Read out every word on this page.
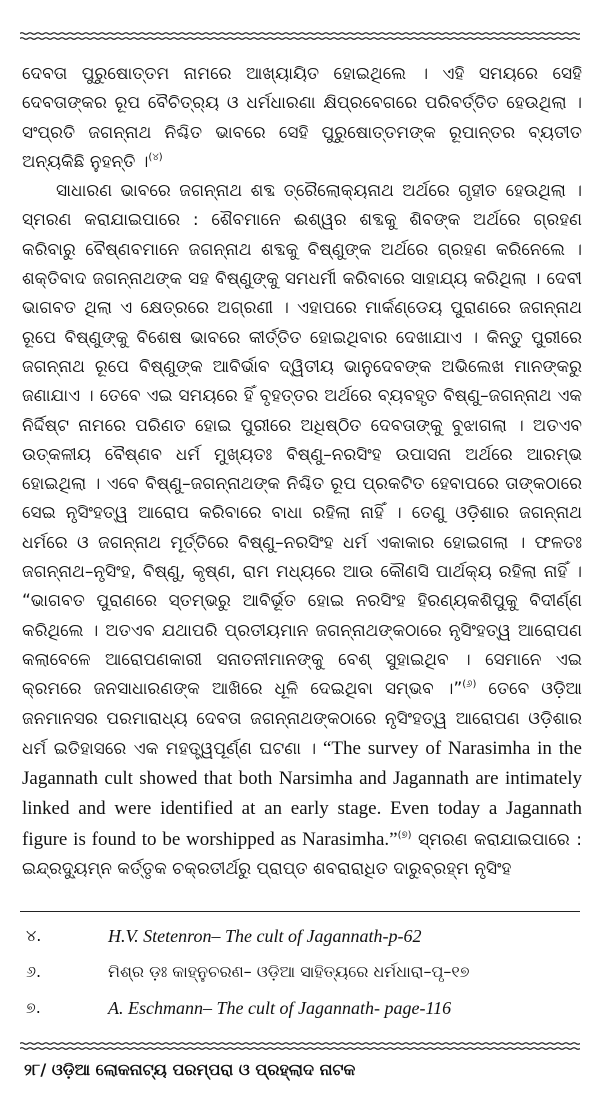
ଦେବତା ପୁରୁଷୋତ୍ତମ ନାମରେ ଆଖ୍ୟାୟିତ ହୋଇଥିଲେ । ଏହି ସମୟରେ ସେହି ଦେବତାଙ୍କର ରୂପ ବୈଚିତ୍ର୍ୟ ଓ ଧର୍ମଧାରଣା କ୍ଷିପ୍ରବେଗରେ ପରିବର୍ତ୍ତିତ ହେଉଥିଲା । ସଂପ୍ରତି ଜଗନ୍ନାଥ ନିଶ୍ଚିତ ଭାବରେ ସେହି ପୁରୁଷୋତ୍ତମଙ୍କ ରୂପାନ୍ତର ବ୍ୟତୀତ ଅନ୍ୟକିଛି ନୁହନ୍ତି ।$^{(୪)}$

ସାଧାରଣ ଭାବରେ ଜଗନ୍ନାଥ ଶବ୍ଦ ତ୍ରୈଲୋକ୍ୟନାଥ ଅର୍ଥରେ ଗୃହୀତ ହେଉଥିଲା । ସ୍ମରଣ କରାଯାଇପାରେ : ଶୈବମାନେ ଈଶ୍ୱର ଶବ୍ଦକୁ ଶିବଙ୍କ ଅର୍ଥରେ ଗ୍ରହଣ କରିବାରୁ ବୈଷ୍ଣବମାନେ ଜଗନ୍ନାଥ ଶବ୍ଦକୁ ବିଷ୍ଣୁଙ୍କ ଅର୍ଥରେ ଗ୍ରହଣ କରିନେଲେ । ଶକ୍ତିବାଦ ଜଗନ୍ନାଥଙ୍କ ସହ ବିଷ୍ଣୁଙ୍କୁ ସମଧର୍ମୀ କରିବାରେ ସାହାଯ୍ୟ କରିଥିଲା । ଦେବୀ ଭାଗବତ ଥିଲା ଏ କ୍ଷେତ୍ରରେ ଅଗ୍ରଣୀ । ଏହାପରେ ମାର୍କଣ୍ଡେୟ ପୁରାଣରେ ଜଗନ୍ନାଥ ରୂପେ ବିଷ୍ଣୁଙ୍କୁ ବିଶେଷ ଭାବରେ କୀର୍ତ୍ତିତ ହୋଇଥିବାର ଦେଖାଯାଏ । କିନ୍ତୁ ପୁରୀରେ ଜଗନ୍ନାଥ ରୂପେ ବିଷ୍ଣୁଙ୍କ ଆବିର୍ଭାବ ଦ୍ୱିତୀୟ ଭାନୁଦେବଙ୍କ ଅଭିଲେଖ ମାନଙ୍କରୁ ଜଣାଯାଏ । ତେବେ ଏଇ ସମୟରେ ହିଁ ବୃହତ୍ତର ଅର୍ଥରେ ବ୍ୟବହୃତ ବିଷ୍ଣୁ–ଜଗନ୍ନାଥ ଏକ ନିର୍ଦ୍ଦିଷ୍ଟ ନାମରେ ପରିଣତ ହୋଇ ପୁରୀରେ ଅଧିଷ୍ଠିତ ଦେବତାଙ୍କୁ ବୁଝାଗଲା । ଅତଏବ ଉତ୍କଳୀୟ ବୈଷ୍ଣବ ଧର୍ମ ମୁଖ୍ୟତଃ ବିଷ୍ଣୁ–ନରସିଂହ ଉପାସନା ଅର୍ଥରେ ଆରମ୍ଭ ହୋଇଥିଲା । ଏବେ ବିଷ୍ଣୁ–ଜଗନ୍ନାଥଙ୍କ ନିଶ୍ଚିତ ରୂପ ପ୍ରକଟିତ ହେବାପରେ ତାଙ୍କଠାରେ ସେଇ ନୃସିଂହତ୍ୱ ଆରୋପ କରିବାରେ ବାଧା ରହିଲା ନାହିଁ । ତେଣୁ ଓଡ଼ିଶାର ଜଗନ୍ନାଥ ଧର୍ମରେ ଓ ଜଗନ୍ନାଥ ମୂର୍ତ୍ତିରେ ବିଷ୍ଣୁ–ନରସିଂହ ଧର୍ମ ଏକାକାର ହୋଇଗଲା । ଫଳତଃ ଜଗନ୍ନାଥ–ନୃସିଂହ, ବିଷ୍ଣୁ, କୃଷ୍ଣ, ରାମ ମଧ୍ୟରେ ଆଉ କୌଣସି ପାର୍ଥକ୍ୟ ରହିଲା ନାହିଁ । “ଭାଗବତ ପୁରାଣରେ ସ୍ତମ୍ଭରୁ ଆବିର୍ଭୂତ ହୋଇ ନରସିଂହ ହିରଣ୍ୟକଶିପୁକୁ ବିଦୀର୍ଣ୍ଣ କରିଥିଲେ । ଅତଏବ ଯଥାପରି ପ୍ରତୀୟମାନ ଜଗନ୍ନାଥଙ୍କଠାରେ ନୃସିଂହତ୍ୱ ଆରୋପଣ କଲାବେଳେ ଆରୋପଣକାରୀ ସନାତନୀମାନଙ୍କୁ ବେଶ୍ ସୁହାଇଥିବ । ସେମାନେ ଏଇ କ୍ରମରେ ଜନସାଧାରଣଙ୍କ ଆଖିରେ ଧୂଳି ଦେଇଥିବା ସମ୍ଭବ ।”$^{(୬)}$ ତେବେ ଓଡ଼ିଆ ଜନମାନସର ପରମାରାଧ୍ୟ ଦେବତା ଜଗନ୍ନାଥଙ୍କଠାରେ ନୃସିଂହତ୍ୱ ଆରୋପଣ ଓଡ଼ିଶାର ଧର୍ମ ଇତିହାସରେ ଏକ ମହତ୍ତ୍ୱପୂର୍ଣ୍ଣ ଘଟଣା । “The survey of Narasimha in the Jagannath cult showed that both Narsimha and Jagannath are intimately linked and were identified at an early stage. Even today a Jagannath figure is found to be worshipped as Narasimha.”$^{(୭)}$ ସ୍ମରଣ କରାଯାଇପାରେ : ଇନ୍ଦ୍ରଦ୍ୟୁମ୍ନ କର୍ତ୍ତୃକ ଚକ୍ରତୀର୍ଥରୁ ପ୍ରାପ୍ତ ଶବରାରାଧିତ ଦାରୁବ୍ରହ୍ମ ନୃସିଂହ

୪.	H.V. Stetenron– The cult of Jagannath-p-62
୬.	ମିଶ୍ର ଡ଼ଃ କାହ୍ନୁଚରଣ– ଓଡ଼ିଆ ସାହିତ୍ୟରେ ଧର୍ମଧାରା–ପୃ–୧୭
୭.	A. Eschmann– The cult of Jagannath- page-116
୨୮/ ଓଡ଼ିଆ ଲୋକନାଟ୍ୟ ପରମ୍ପରା ଓ ପ୍ରହ୍ଲାଦ ନାଟକ
